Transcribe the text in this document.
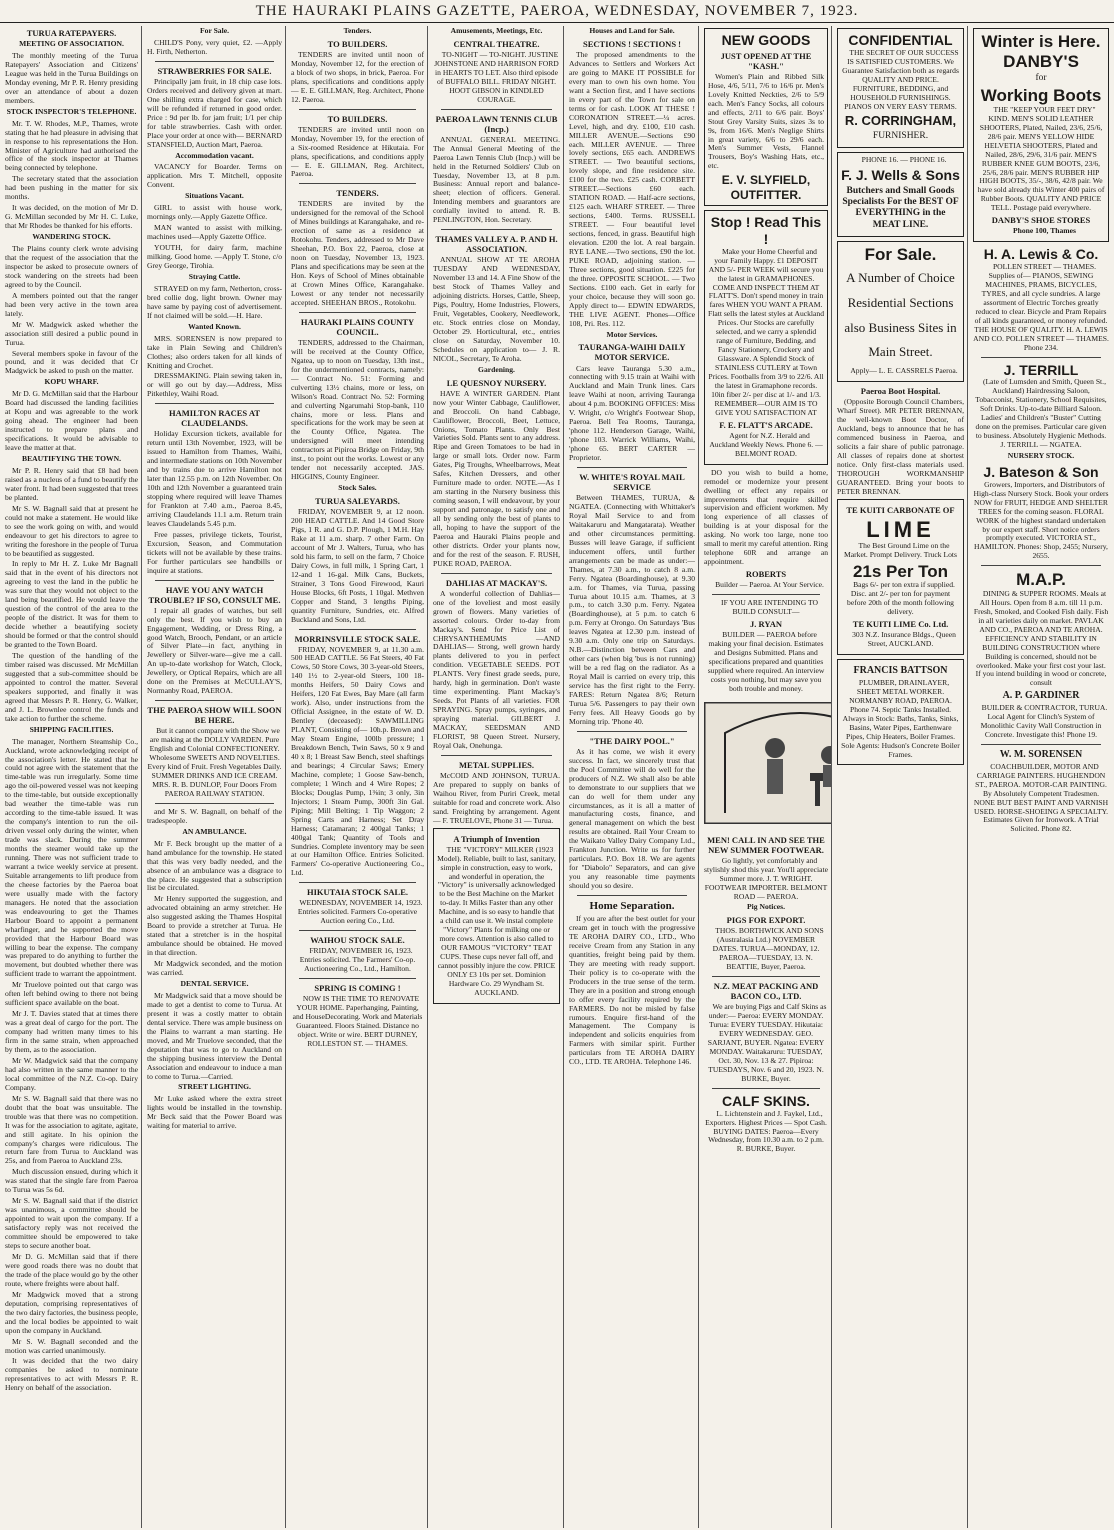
THE HAURAKI PLAINS GAZETTE, PAEROA, WEDNESDAY, NOVEMBER 7, 1923.
TURUA RATEPAYERS.
MEETING OF ASSOCIATION.
The monthly meeting of the Turua Ratepayers' Association and Citizens' League was held in the Turua Buildings on Monday evening, Mr P. R. Henry presiding over an attendance of about a dozen members.
STOCK INSPECTOR'S TELEPHONE.
Mr. T. W. Rhodes, M.P., Thames, wrote stating that he had pleasure in advising that in response to his representations the Hon. Minister of Agriculture had authorised the office of the stock inspector at Thames being connected by telephone.
The secretary stated that the association had been pushing in the matter for six months.
It was decided, on the motion of Mr D. G. McMillan seconded by Mr H. C. Luke, that Mr Rhodes be thanked for his efforts.
WANDERING STOCK.
The Plains county clerk wrote advising that the request of the association that the inspector be asked to prosecute owners of stock wandering on the streets had been agreed to by the Council.
A members pointed out that the ranger had been very active in the town area lately.
Mr W. Madgwick asked whether the association still desired a public pound in Turua.
Several members spoke in favour of the pound, and it was decided that Cr Madgwick be asked to push on the matter.
KOPU WHARF.
Mr D. G. McMillan said that the Harbour Board had discussed the landing facilities at Kopu and was agreeable to the work going ahead. The engineer had been instructed to prepare plans and specifications. It would be advisable to leave the matter at that.
BEAUTIFYING THE TOWN.
Mr P. R. Henry said that £8 had been raised as a nucleus of a fund to beautify the water front. It had been suggested that trees be planted.
Mr S. W. Bagnall said that at present he could not make a statement. He would like to see the work going on with, and would endeavour to get his directors to agree to writing the foreshore in the people of Turua to be beautified as suggested.
In reply to Mr H. Z. Luke Mr Bagnall said that in the event of his directors not agreeing to vest the land in the public he was sure that they would not object to the land being beautified. He would leave the question of the control of the area to the people of the district. It was for them to decide whether a beautifying society should be formed or that the control should be granted to the Town Board.
The question of the handling of the timber raised was discussed. Mr McMillan suggested that a sub-committee should be appointed to control the matter. Several speakers supported, and finally it was agreed that Messrs P. R. Henry, G. Walker, and J. L. Brownlee control the funds and take action to further the scheme.
SHIPPING FACILITIES.
The manager, Northern Steamship Co., Auckland, wrote acknowledging receipt of the association's letter. He stated that he could not agree with the statement that the time-table was run irregularly. Some time ago the oil-powered vessel was not keeping to the time-table, but outside exceptionally bad weather the time-table was run according to the time-table issued. It was the company's intention to run the oil-driven vessel only during the winter, when trade was slack. During the summer months the steamer would take up the running. There was not sufficient trade to warrant a twice weekly service at present. Suitable arrangements to lift produce from the cheese factories by the Paeroa boat were usually made with the factory managers. He noted that the association was endeavouring to get the Thames Harbour Board to appoint a permanent wharfinger, and he supported the move provided that the Harbour Board was willing to bear the expense. The company was prepared to do anything to further the movement, but doubted whether there was sufficient trade to warrant the appointment.
Mr Truelove pointed out that cargo was often left behind owing to there not being sufficient space available on the boat.
Mr J. T. Davies stated that at times there was a great deal of cargo for the port. The company had written many times to his firm in the same strain, when approached by them, as to the association.
Mr W. Madgwick said that the company had also written in the same manner to the local committee of the N.Z. Co-op. Dairy Company.
Mr S. W. Bagnall said that there was no doubt that the boat was unsuitable. The trouble was that there was no competition. It was for the association to agitate, agitate, and still agitate. In his opinion the company's charges were ridiculous. The return fare from Turua to Auckland was 25s, and from Paeroa to Auckland 23s.
Much discussion ensued, during which it was stated that the single fare from Paeroa to Turua was 5s 6d.
Mr S. W. Bagnall said that if the district was unanimous, a committee should be appointed to wait upon the company. If a satisfactory reply was not received the committee should be empowered to take steps to secure another boat.
Mr D. G. McMillan said that if there were good roads there was no doubt that the trade of the place would go by the other route, where freights were about half.
Mr Madgwick moved that a strong deputation, comprising representatives of the two dairy factories, the business people, and the local bodies be appointed to wait upon the company in Auckland.
Mr S. W. Bagnall seconded and the motion was carried unanimously.
It was decided that the two dairy companies be asked to nominate representatives to act with Messrs P. R. Henry on behalf of the association.
For Sale.
CHILD'S Pony, very quiet, £2. —Apply H. Firth, Netherton.
STRAWBERRIES FOR SALE.
Principally jam fruit, in 18 chip case lots. Orders received and delivery given at mart. One shilling extra charged for case, which will be refunded if returned in good order. Price : 9d per lb. for jam fruit; 1/1 per chip for table strawberries. Cash with order. Place your order at once with— BERNARD STANSFIELD, Auction Mart, Paeroa.
Accommodation vacant.
VACANCY for Boarder. Terms on application. Mrs T. Mitchell, opposite Convent.
Situations Vacant.
GIRL to assist with house work, mornings only.—Apply Gazette Office.
MAN wanted to assist with milking, machines used—Apply Gazette Office.
YOUTH, for dairy farm, machine milking. Good home. —Apply T. Stone, c/o Grey George, Tirohia.
Straying Cattle.
STRAYED on my farm, Netherton, cross-bred collie dog, light brown. Owner may have same by paying cost of advertisement. If not claimed will be sold.—H. Hare.
Wanted Known.
MRS. SORENSEN is now prepared to take in Plain Sewing and Children's Clothes; also orders taken for all kinds of Knitting and Crochet.
DRESSMAKING. Plain sewing taken in, or will go out by day.—Address, Miss Pitkethley, Waihi Road.
HAMILTON RACES AT CLAUDELANDS.
Holiday Excursion tickets, available for return until 13th November, 1923, will be issued to Hamilton from Thames, Waihi, and intermediate stations on 10th November and by trains due to arrive Hamilton not later than 12.55 p.m. on 12th November. On 10th and 12th November a guaranteed train stopping where required will leave Thames for Frankton at 7.40 a.m., Paeroa 8.45, arriving Claudelands 11.1 a.m. Return train leaves Claudelands 5.45 p.m.
Free passes, privilege tickets, Tourist, Excursion, Season, and Commutation tickets will not be available by these trains. For further particulars see handbills or inquire at stations.
HAVE YOU ANY WATCH TROUBLE? IF SO, CONSULT ME.
I repair all grades of watches, but sell only the best. If you wish to buy an Engagement, Wedding, or Dress Ring, a good Watch, Brooch, Pendant, or an article of Silver Plate—in fact, anything in Jewellery or Silver-ware—give me a call. An up-to-date workshop for Watch, Clock, Jewellery, or Optical Repairs, which are all done on the Premises at McCULLAY'S, Normanby Road, PAEROA.
THE PAEROA SHOW WILL SOON BE HERE.
But it cannot compare with the Show we are making at the DOLLY VARDEN. Pure English and Colonial CONFECTIONERY. Wholesome SWEETS AND NOVELTIES. Every kind of Fruit. Fresh Vegetables Daily. SUMMER DRINKS AND ICE CREAM. MRS. R. B. DUNLOP, Four Doors From PAEROA RAILWAY STATION.
and Mr S. W. Bagnall, on behalf of the tradespeople.
AN AMBULANCE.
Mr F. Beck brought up the matter of a hand ambulance for the township. He stated that this was very badly needed, and the absence of an ambulance was a disgrace to the place. He suggested that a subscription list be circulated.
Mr Henry supported the suggestion, and advocated obtaining an army stretcher. He also suggested asking the Thames Hospital Board to provide a stretcher at Turua. He stated that a stretcher is in the hospital ambulance should be obtained. He moved in that direction.
Mr Madgwick seconded, and the motion was carried.
DENTAL SERVICE.
Mr Madgwick said that a move should be made to get a dentist to come to Turua. At present it was a costly matter to obtain dental service. There was ample business on the Plains to warrant a man starting. He moved, and Mr Truelove seconded, that the deputation that was to go to Auckland on the shipping business interview the Dental Association and endeavour to induce a man to come to Turua.—Carried.
STREET LIGHTING.
Mr Luke asked where the extra street lights would be installed in the township. Mr Beck said that the Power Board was waiting for material to arrive.
Tenders.
TO BUILDERS.
TENDERS are invited until noon of Monday, November 12, for the erection of a block of two shops, in brick, Paeroa. For plans, specifications and conditions apply— E. E. GILLMAN, Reg. Architect, Phone 12. Paeroa.
TO BUILDERS.
TENDERS are invited until noon on Monday, November 19, for the erection of a Six-roomed Residence at Hikutaia. For plans, specifications, and conditions apply— E. E. GILLMAN, Reg. Architect, Paeroa.
TENDERS.
TENDERS are invited by the undersigned for the removal of the School of Mines buildings at Karangahake, and re-erection of same as a residence at Rotokohu. Tenders, addressed to Mr Dave Sheehan, P.O. Box 22, Paeroa, close at noon on Tuesday, November 13, 1923. Plans and specifications may be seen at the Hon. Keys of School of Mines obtainable at Crown Mines Office, Karangahake. Lowest or any tender not necessarily accepted. SHEEHAN BROS., Rotokohu.
HAURAKI PLAINS COUNTY COUNCIL.
TENDERS, addressed to the Chairman, will be received at the County Office, Ngatea, up to noon on Tuesday, 13th inst., for the undermentioned contracts, namely:— Contract No. 51: Forming and culverting 13½ chains, more or less, on Wilson's Road. Contract No. 52: Forming and culverting Ngarumahi Stop-bank, 110 chains, more or less. Plans and specifications for the work may be seen at the County Office, Ngatea. The undersigned will meet intending contractors at Pipiroa Bridge on Friday, 9th inst., to point out the works. Lowest or any tender not necessarily accepted. JAS. HIGGINS, County Engineer.
Stock Sales.
TURUA SALEYARDS.
FRIDAY, NOVEMBER 9, at 12 noon. 200 HEAD CATTLE. And 14 Good Store Pigs, 1 R. and G. D.P. Plough, 1 M.H. Hay Rake at 11 a.m. sharp. 7 other Farm. On account of Mr J. Walters, Turua, who has sold his farm, to sell on the farm, 7 Choice Dairy Cows, in full milk, 1 Spring Cart, 1 12-and 1 16-gal. Milk Cans, Buckets, Strainer, 3 Tons Good Firewood, Kauri House Blocks, 6ft Posts, 1 10gal. Methven Copper and Stand, 3 lengths Piping, quantity Furniture, Sundries, etc. Alfred Buckland and Sons, Ltd.
MORRINSVILLE STOCK SALE.
FRIDAY, NOVEMBER 9, at 11.30 a.m. 500 HEAD CATTLE. 56 Fat Steers, 40 Fat Cows, 50 Store Cows, 30 3-year-old Steers, 140 1½ to 2-year-old Steers, 100 18-months Heifers, 50 Dairy Cows and Heifers, 120 Fat Ewes, Bay Mare (all farm work). Also, under instructions from the Official Assignee, in the estate of W. D. Bentley (deceased): SAWMILLING PLANT, Consisting of— 10h.p. Brown and May Steam Engine, 100lb pressure; 1 Breakdown Bench, Twin Saws, 50 x 9 and 40 x 8; 1 Breast Saw Bench, steel shaftings and bearings; 4 Circular Saws; Emery Machine, complete; 1 Goose Saw-bench, complete; 1 Winch and 4 Wire Ropes; 2 Blocks; Douglas Pump, 1⅜in; 3 only, 3in Injectors; 1 Steam Pump, 300ft 3in Gal. Piping; Mill Belting; 1 Tip Waggon; 2 Spring Carts and Harness; Set Dray Harness; Catamaran; 2 400gal Tanks; 1 400gal Tank; Quantity of Tools and Sundries. Complete inventory may be seen at our Hamilton Office. Entries Solicited. Farmers' Co-operative Auctioneering Co., Ltd.
HIKUTAIA STOCK SALE.
WEDNESDAY, NOVEMBER 14, 1923. Entries solicited. Farmers Co-operative Auction eering Co., Ltd.
WAIHOU STOCK SALE.
FRIDAY, NOVEMBER 16, 1923. Entries solicited. The Farmers' Co-op. Auctioneering Co., Ltd., Hamilton.
SPRING IS COMING !
NOW IS THE TIME TO RENOVATE YOUR HOME. Paperhanging, Painting, and HouseDecorating. Work and Materials Guaranteed. Floors Stained. Distance no object. Write or wire. BERT DURNEY, ROLLESTON ST. — THAMES.
Amusements, Meetings, Etc.
CENTRAL THEATRE.
TO-NIGHT — TO-NIGHT. JUSTINE JOHNSTONE AND HARRISON FORD in HEARTS TO LET. Also third episode of BUFFALO BILL. FRIDAY NIGHT. HOOT GIBSON in KINDLED COURAGE.
PAEROA LAWN TENNIS CLUB (Incp.)
ANNUAL GENERAL MEETING. The Annual General Meeting of the Paeroa Lawn Tennis Club (Incp.) will be held in the Returned Soldiers' Club on Tuesday, November 13, at 8 p.m. Business: Annual report and balance-sheet; election of officers. General. Intending members and guarantors are cordially invited to attend. R. B. PENLINGTON, Hon. Secretary.
THAMES VALLEY A. P. AND H. ASSOCIATION.
ANNUAL SHOW AT TE AROHA TUESDAY AND WEDNESDAY, November 13 and 14. A Fine Show of the best Stock of Thames Valley and adjoining districts. Horses, Cattle, Sheep, Pigs, Poultry, Home Industries, Flowers, Fruit, Vegetables, Cookery, Needlework, etc. Stock entries close on Monday, October 29. Horticultural, etc., entries close on Saturday, November 10. Schedules on application to— J. R. NICOL, Secretary, Te Aroha.
Gardening.
LE QUESNOY NURSERY.
HAVE A WINTER GARDEN. Plant now your Winter Cabbage, Cauliflower, and Broccoli. On hand Cabbage, Cauliflower, Broccoli, Beet, Lettuce, Onions, Tomato Plants. Only Best Varieties Sold. Plants sent to any address. Ripe and Green Tomatoes to be had in large or small lots. Order now. Farm Gates, Pig Troughs, Wheelbarrows, Meat Safes, Kitchen Dressers, and other Furniture made to order. NOTE.—As I am starting in the Nursery business this coming season, I will endeavour, by your support and patronage, to satisfy one and all by sending only the best of plants to all, hoping to have the support of the Paeroa and Hauraki Plains people and other districts. Order your plants now, and for the rest of the season. F. RUSH, PUKE ROAD, PAEROA.
DAHLIAS AT MACKAY'S.
A wonderful collection of Dahlias—one of the loveliest and most easily grown of flowers. Many varieties of assorted colours. Order to-day from Mackay's. Send for Price List of CHRYSANTHEMUMS —AND DAHLIAS— Strong, well grown hardy plants delivered to you in perfect condition. VEGETABLE SEEDS. POT PLANTS. Very finest grade seeds, pure, hardy, high in germination. Don't waste time experimenting. Plant Mackay's Seeds. Pot Plants of all varieties. FOR SPRAYING. Spray pumps, syringes, and spraying material. GILBERT J. MACKAY, SEEDSMAN AND FLORIST, 98 Queen Street. Nursery, Royal Oak, Onehunga.
METAL SUPPLIES.
McCOID AND JOHNSON, TURUA. Are prepared to supply on banks of Waihou River, from Puriri Creek, metal suitable for road and concrete work. Also sand. Freighting by arrangement. Agent— F. TRUELOVE, Phone 31 — Turua.
A Triumph of Invention
THE "VICTORY" MILKER (1923 Model). Reliable, built to last, sanitary, simple in construction, easy to work, and wonderful in operation, the "Victory" is universally acknowledged to be the Best Machine on the Market to-day. It Milks Faster than any other Machine, and is so easy to handle that a child can use it. We instal complete "Victory" Plants for milking one or more cows. Attention is also called to OUR FAMOUS "VICTORY" TEAT CUPS. These cups never fall off, and cannot possibly injure the cow. PRICE ONLY £3 10s per set. Dominion Hardware Co. 29 Wyndham St. AUCKLAND.
Houses and Land for Sale.
SECTIONS ! SECTIONS !
The proposed amendments to the Advances to Settlers and Workers Act are going to MAKE IT POSSIBLE for every man to own his own home. You want a Section first, and I have sections in every part of the Town for sale on terms or for cash. LOOK AT THESE ! CORONATION STREET.—¼ acres. Level, high, and dry. £100, £10 cash. MILLER AVENUE.—Sections £90 each. MILLER AVENUE. — Three lovely sections, £65 each. ANDREWS STREET. — Two beautiful sections, lovely slope, and fine residence site. £100 for the two. £25 cash. CORBETT STREET.—Sections £60 each. STATION ROAD. — Half-acre sections, £125 each. WHARF STREET. — Three sections, £400. Terms. RUSSELL STREET. — Four beautiful level sections, fenced, in grass. Beautiful high elevation. £200 the lot. A real bargain. RYE LANE.—Two sections, £90 the lot. PUKE ROAD, adjoining station. —Three sections, good situation. £225 for the three. OPPOSITE SCHOOL. — Two Sections. £100 each. Get in early for your choice, because they will soon go. Apply direct to— EDWIN EDWARDS, THE LIVE AGENT. Phones—Office 108, Pri. Res. 112.
Motor Services.
TAURANGA-WAIHI DAILY MOTOR SERVICE.
Cars leave Tauranga 5.30 a.m., connecting with 9.15 train at Waihi with Auckland and Main Trunk lines. Cars leave Waihi at noon, arriving Tauranga about 4 p.m. BOOKING OFFICES: Miss V. Wright, c/o Wright's Footwear Shop, Paeroa. Bell Tea Rooms, Tauranga, 'phone 112. Henderson Garage, Waihi, 'phone 103. Warrick Williams, Waihi, 'phone 65. BERT CARTER — Proprietor.
W. WHITE'S ROYAL MAIL SERVICE
Between THAMES, TURUA, & NGATEA. (Connecting with Whittaker's Royal Mail Service to and from Waitakaruru and Mangatarata). Weather and other circumstances permitting. Busses will leave Garage, if sufficient inducement offers, until further arrangements can be made as under:— Thames, at 7.30 a.m., to catch 8 a.m. Ferry. Ngatea (Boardinghouse), at 9.30 a.m. for Thames, via Turua, passing Turua about 10.15 a.m. Thames, at 3 p.m., to catch 3.30 p.m. Ferry. Ngatea (Boardinghouse), at 5 p.m. to catch 6 p.m. Ferry at Orongo. On Saturdays 'Bus leaves Ngatea at 12.30 p.m. instead of 9.30 a.m. Only one trip on Saturdays. N.B.—Distinction between Cars and other cars (when big 'bus is not running) will be a red flag on the radiator. As a Royal Mail is carried on every trip, this service has the first right to the Ferry. FARES: Return Ngatea 8/6; Return Turua 5/6. Passengers to pay their own Ferry fees. All Heavy Goods go by Morning trip. 'Phone 40.
"THE DAIRY POOL."
As it has come, we wish it every success. In fact, we sincerely trust that the Pool Committee will do well for the producers of N.Z. We shall also be able to demonstrate to our suppliers that we can do well for them under any circumstances, as it is all a matter of manufacturing costs, finance, and general management on which the best results are obtained. Rail Your Cream to the Waikato Valley Dairy Company Ltd., Frankton Junction. Write us for further particulars. P.O. Box 18. We are agents for "Diabolo" Separators, and can give you any reasonable time payments should you so desire.
Home Separation.
If you are after the best outlet for your cream get in touch with the progressive TE AROHA DAIRY CO., LTD., Who receive Cream from any Station in any quantities, freight being paid by them. They are meeting with ready support. Their policy is to co-operate with the Producers in the true sense of the term. They are in a position and strong enough to offer every facility required by the FARMERS. Do not be misled by false rumours. Enquire first-hand of the Management. The Company is independent and solicits enquiries from Farmers with similar spirit. Further particulars from TE AROHA DAIRY CO., LTD. TE AROHA. Telephone 146.
NEW GOODS
JUST OPENED AT THE "KASH."
Women's Plain and Ribbed Silk Hose, 4/6, 5/11, 7/6 to 16/6 pr. Men's Lovely Knitted Neckties, 2/6 to 5/9 each. Men's Fancy Socks, all colours and effects, 2/11 to 6/6 pair. Boys' Stout Grey Varsity Suits, sizes 3s to 9s, from 16/6. Men's Neglige Shirts in great variety, 6/6 to 29/6 each. Men's Summer Vests, Flannel Trousers, Boy's Washing Hats, etc., etc.
E. V. SLYFIELD, OUTFITTER.
Stop ! Read This !
Make your Home Cheerful and your Family Happy. £1 DEPOSIT AND 5/- PER WEEK will secure you the latest in GRAMAPHONES. COME AND INSPECT THEM AT FLATT'S. Don't spend money in train fares WHEN YOU WANT A PRAM. Flatt sells the latest styles at Auckland Prices. Our Stocks are carefully selected, and we carry a splendid range of Furniture, Bedding, and Fancy Stationery, Crockery and Glassware. A Splendid Stock of STAINLESS CUTLERY at Town Prices. Footballs from 3/9 to 22/6. All the latest in Gramaphone records. 10in fiber 2/- per disc at 1/- and 1/3. REMEMBER—OUR AIM IS TO GIVE YOU SATISFACTION AT
F. E. FLATT'S ARCADE.
Agent for N.Z. Herald and Auckland Weekly News. Phone 6. — BELMONT ROAD.
DO you wish to build a home, remodel or modernize your present dwelling or effect any repairs or improvements that require skilled supervision and efficient workmen. My long experience of all classes of building is at your disposal for the asking. No work too large, none too small to merit my careful attention. Ring telephone 60R and arrange an appointment.
ROBERTS
Builder — Paeroa. At Your Service.
IF YOU ARE INTENDING TO BUILD CONSULT—
J. RYAN
BUILDER — PAEROA before making your final decision. Estimates and Designs Submitted. Plans and specifications prepared and quantities supplied where required. An interview costs you nothing, but may save you both trouble and money.
MEN! CALL IN AND SEE THE NEW SUMMER FOOTWEAR.
Go lightly, yet comfortably and stylishly shod this year. You'll appreciate Summer more. J. T. WRIGHT. FOOTWEAR IMPORTER. BELMONT ROAD — PAEROA.
Pig Notices.
PIGS FOR EXPORT.
THOS. BORTHWICK AND SONS (Australasia Ltd.) NOVEMBER DATES. TURUA—MONDAY, 12. PAEROA—TUESDAY, 13. N. BEATTIE, Buyer, Paeroa.
N.Z. MEAT PACKING AND BACON CO., LTD.
We are buying Pigs and Calf Skins as under:— Paeroa: EVERY MONDAY. Turua: EVERY TUESDAY. Hikutaia: EVERY WEDNESDAY. GEO. SARJANT, BUYER. Ngatea: EVERY MONDAY. Waitakaruru: TUESDAY, Oct. 30, Nov. 13 & 27. Pipiroa: TUESDAYS, Nov. 6 and 20, 1923. N. BURKE, Buyer.
CALF SKINS.
L. Lichtenstein and J. Faykel, Ltd., Exporters. Highest Prices — Spot Cash. BUYING DATES: Paeroa—Every Wednesday, from 10.30 a.m. to 2 p.m. R. BURKE, Buyer.
CONFIDENTIAL
THE SECRET OF OUR SUCCESS IS SATISFIED CUSTOMERS. We Guarantee Satisfaction both as regards QUALITY AND PRICE. FURNITURE, BEDDING, and HOUSEHOLD FURNISHINGS. PIANOS ON VERY EASY TERMS.
R. CORRINGHAM,
FURNISHER.
PHONE 16. — PHONE 16.
F. J. Wells & Sons
Butchers and Small Goods Specialists For the BEST OF EVERYTHING in the MEAT LINE.
For Sale.
A Number of Choice Residential Sections also Business Sites in Main Street.
Apply— L. E. CASSRELS Paeroa.
Paeroa Boot Hospital.
(Opposite Borough Council Chambers, Wharf Street). MR PETER BRENNAN, the well-known Boot Doctor, of Auckland, begs to announce that he has commenced business in Paeroa, and solicits a fair share of public patronage. All classes of repairs done at shortest notice. Only first-class materials used. THOROUGH WORKMANSHIP GUARANTEED. Bring your boots to PETER BRENNAN.
TE KUITI CARBONATE OF
LIME
The Best Ground Lime on the Market. Prompt Delivery. Truck Lots
21s Per Ton
Bags 6/- per ton extra if supplied. Disc. ant 2/- per ton for payment before 20th of the month following delivery.
TE KUITI LIME Co. Ltd.
303 N.Z. Insurance Bldgs., Queen Street, AUCKLAND.
FRANCIS BATTSON
PLUMBER, DRAINLAYER, SHEET METAL WORKER. NORMANBY ROAD, PAEROA. Phone 74. Septic Tanks Installed. Always in Stock: Baths, Tanks, Sinks, Basins, Water Pipes, Earthenware Pipes, Chip Heaters, Boiler Frames. Sole Agents: Hudson's Concrete Boiler Frames.
Winter is Here.
DANBY'S
for
Working Boots
THE "KEEP YOUR FEET DRY" KIND. MEN'S SOLID LEATHER SHOOTERS, Plated, Nailed, 23/6, 25/6, 28/6 pair. MEN'S YELLOW HIDE HELVETIA SHOOTERS, Plated and Nailed, 28/6, 29/6, 31/6 pair. MEN'S RUBBER KNEE GUM BOOTS, 23/6, 25/6, 28/6 pair. MEN'S RUBBER HIP HIGH BOOTS, 35/-, 38/6, 42/8 pair. We have sold already this Winter 400 pairs of Rubber Boots. QUALITY AND PRICE TELL. Postage paid everywhere.
DANBY'S SHOE STORES
Phone 100, Thames
H. A. Lewis & Co.
POLLEN STREET — THAMES. Supplies of— PIANOS, SEWING MACHINES, PRAMS, BICYCLES, TYRES, and all cycle sundries. A large assortment of Electric Torches greatly reduced to clear. Bicycle and Pram Repairs of all kinds guaranteed, or money refunded. THE HOUSE OF QUALITY. H. A. LEWIS AND CO. POLLEN STREET — THAMES. Phone 234.
J. TERRILL
(Late of Lumsden and Smith, Queen St., Auckland) Hairdressing Saloon, Tobacconist, Stationery, School Requisites, Soft Drinks. Up-to-date Billiard Saloon. Ladies' and Children's "Buster" Cutting done on the premises. Particular care given to business. Absolutely Hygienic Methods. J. TERRILL — NGATEA.
NURSERY STOCK.
J. Bateson & Son
Growers, Importers, and Distributors of High-class Nursery Stock. Book your orders NOW for FRUIT, HEDGE AND SHELTER TREES for the coming season. FLORAL WORK of the highest standard undertaken by our expert staff. Short notice orders promptly executed. VICTORIA ST., HAMILTON. Phones: Shop, 2455; Nursery, 2655.
M.A.P.
DINING & SUPPER ROOMS. Meals at All Hours. Open from 8 a.m. till 11 p.m. Fresh, Smoked, and Cooked Fish daily. Fish in all varieties daily on market. PAVLAK AND CO., PAEROA AND TE AROHA. EFFICIENCY AND STABILITY IN BUILDING CONSTRUCTION where Building is concerned, should not be overlooked. Make your first cost your last. If you intend building in wood or concrete, consult
A. P. GARDINER
BUILDER & CONTRACTOR, TURUA. Local Agent for Clinch's System of Monolithic Cavity Wall Construction in Concrete. Investigate this! Phone 19.
W. M. SORENSEN
COACHBUILDER, MOTOR AND CARRIAGE PAINTERS. HUGHENDON ST., PAEROA. MOTOR-CAR PAINTING. By Absolutely Competent Tradesmen. NONE BUT BEST PAINT AND VARNISH USED. HORSE-SHOEING A SPECIALTY. Estimates Given for Ironwork. A Trial Solicited. Phone 82.
